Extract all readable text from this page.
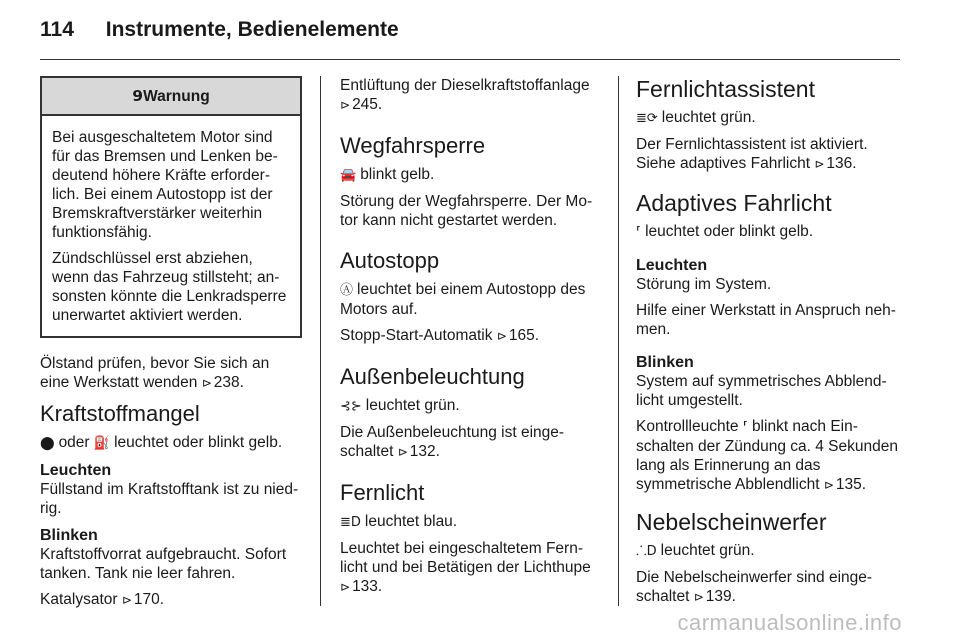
114 Instrumente, Bedienelemente
9Warnung

Bei ausgeschaltetem Motor sind für das Bremsen und Lenken bedeutend höhere Kräfte erforderlich. Bei einem Autostopp ist der Bremskraftverstärker weiterhin funktionsfähig.

Zündschlüssel erst abziehen, wenn das Fahrzeug stillsteht; ansonsten könnte die Lenkradsperre unerwartet aktiviert werden.

Ölstand prüfen, bevor Sie sich an eine Werkstatt wenden ⊳ 238.

Kraftstoffmangel

⬤ oder ⛽ leuchtet oder blinkt gelb.

Leuchten

Füllstand im Kraftstofftank ist zu niedrig.

Blinken

Kraftstoffvorrat aufgebraucht. Sofort tanken. Tank nie leer fahren.

Katalysator ⊳ 170.

Entlüftung der Dieselkraftstoffanlage ⊳ 245.

Wegfahrsperre

🚘 blinkt gelb.

Störung der Wegfahrsperre. Der Motor kann nicht gestartet werden.

Autostopp

Ⓐ leuchtet bei einem Autostopp des Motors auf.

Stopp-Start-Automatik ⊳ 165.

Außenbeleuchtung

⊰⊱ leuchtet grün.

Die Außenbeleuchtung ist eingeschaltet ⊳ 132.

Fernlicht

≣D leuchtet blau.

Leuchtet bei eingeschaltetem Fernlicht und bei Betätigen der Lichthupe ⊳ 133.

Fernlichtassistent

≣⟳ leuchtet grün.

Der Fernlichtassistent ist aktiviert. Siehe adaptives Fahrlicht ⊳ 136.

Adaptives Fahrlicht

⸢ leuchtet oder blinkt gelb.

Leuchten

Störung im System.

Hilfe einer Werkstatt in Anspruch nehmen.

Blinken

System auf symmetrisches Abblendlicht umgestellt.

Kontrollleuchte ⸢ blinkt nach Einschalten der Zündung ca. 4 Sekunden lang als Erinnerung an das symmetrische Abblendlicht ⊳ 135.

Nebelscheinwerfer

⸫D leuchtet grün.

Die Nebelscheinwerfer sind eingeschaltet ⊳ 139.

carmanualsonline.info
